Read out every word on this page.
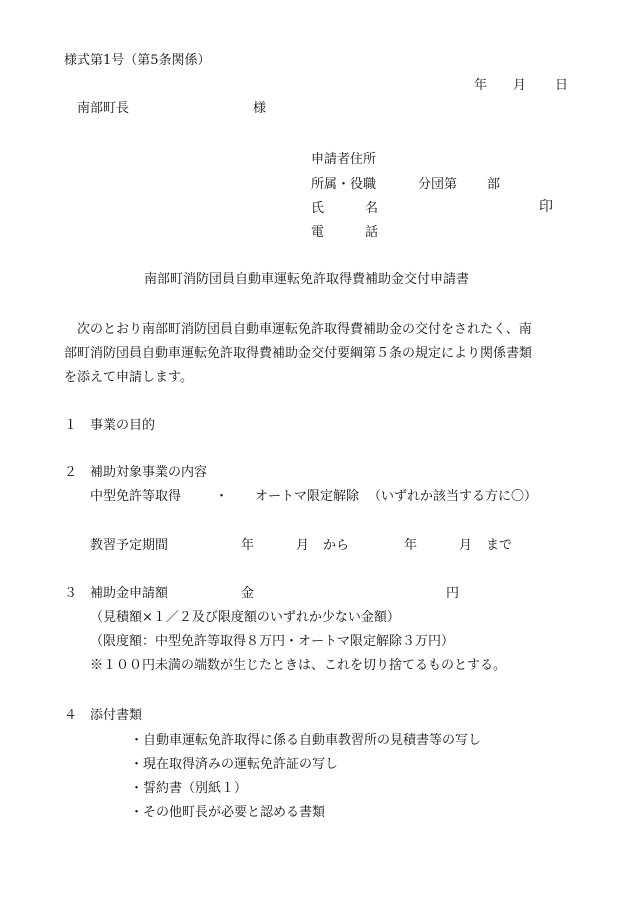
様式第1号（第5条関係）
年 月 日
南部町長	様
申請者住所
所属・役職	分団第 部
氏	名	印
電	話
南部町消防団員自動車運転免許取得費補助金交付申請書
次のとおり南部町消防団員自動車運転免許取得費補助金の交付をされたく、南
部町消防団員自動車運転免許取得費補助金交付要綱第５条の規定により関係書類
を添えて申請します。
１ 事業の目的
２ 補助対象事業の内容
中型免許等取得	・ オートマ限定解除 （いずれか該当する方に〇）
教習予定期間	年	月 から	年	月 まで
３ 補助金申請額	金	円
（見積額×１／２及び限度額のいずれか少ない金額）
（限度額：中型免許等取得８万円・オートマ限定解除３万円）
※１００円未満の端数が生じたときは、これを切り捨てるものとする。
４ 添付書類
・自動車運転免許取得に係る自動車教習所の見積書等の写し
・現在取得済みの運転免許証の写し
・誓約書（別紙１）
・その他町長が必要と認める書類
